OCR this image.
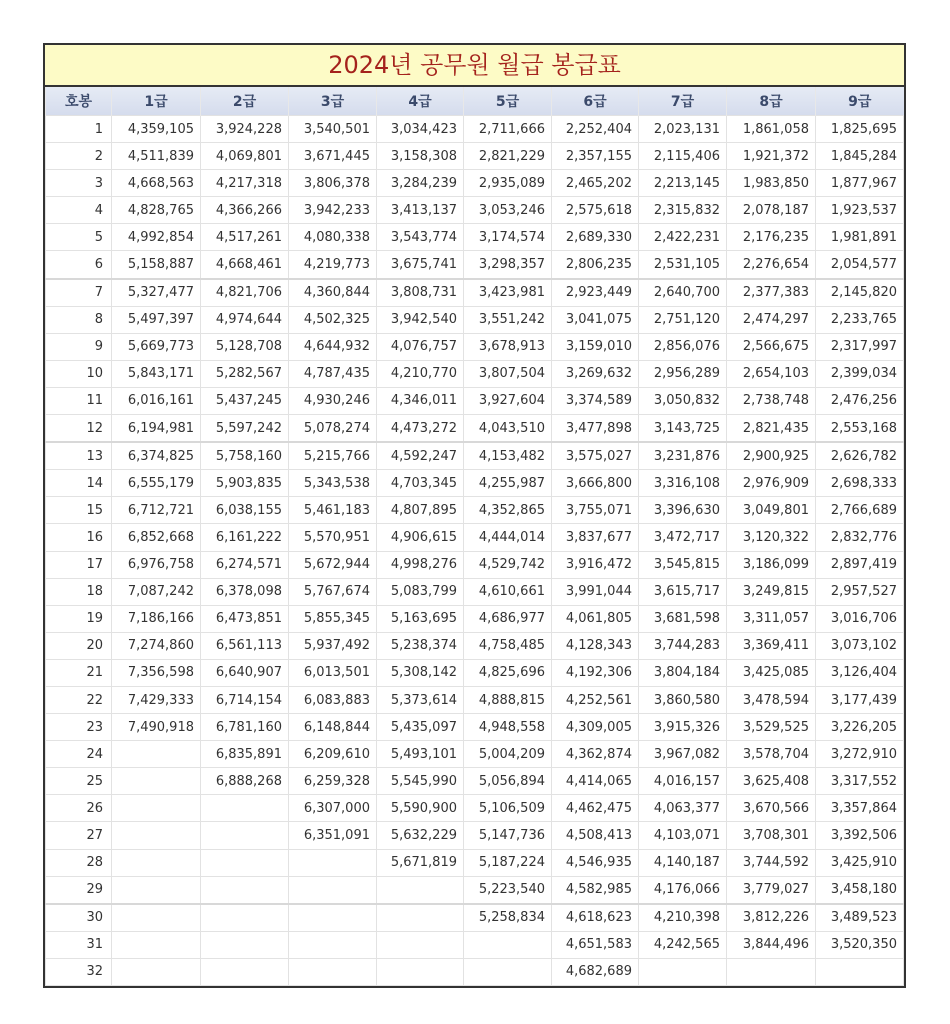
2024년 공무원 월급 봉급표
호봉	1급	2급	3급	4급	5급	6급	7급	8급	9급
1	4,359,105	3,924,228	3,540,501	3,034,423	2,711,666	2,252,404	2,023,131	1,861,058	1,825,695
2	4,511,839	4,069,801	3,671,445	3,158,308	2,821,229	2,357,155	2,115,406	1,921,372	1,845,284
3	4,668,563	4,217,318	3,806,378	3,284,239	2,935,089	2,465,202	2,213,145	1,983,850	1,877,967
4	4,828,765	4,366,266	3,942,233	3,413,137	3,053,246	2,575,618	2,315,832	2,078,187	1,923,537
5	4,992,854	4,517,261	4,080,338	3,543,774	3,174,574	2,689,330	2,422,231	2,176,235	1,981,891
6	5,158,887	4,668,461	4,219,773	3,675,741	3,298,357	2,806,235	2,531,105	2,276,654	2,054,577
7	5,327,477	4,821,706	4,360,844	3,808,731	3,423,981	2,923,449	2,640,700	2,377,383	2,145,820
8	5,497,397	4,974,644	4,502,325	3,942,540	3,551,242	3,041,075	2,751,120	2,474,297	2,233,765
9	5,669,773	5,128,708	4,644,932	4,076,757	3,678,913	3,159,010	2,856,076	2,566,675	2,317,997
10	5,843,171	5,282,567	4,787,435	4,210,770	3,807,504	3,269,632	2,956,289	2,654,103	2,399,034
11	6,016,161	5,437,245	4,930,246	4,346,011	3,927,604	3,374,589	3,050,832	2,738,748	2,476,256
12	6,194,981	5,597,242	5,078,274	4,473,272	4,043,510	3,477,898	3,143,725	2,821,435	2,553,168
13	6,374,825	5,758,160	5,215,766	4,592,247	4,153,482	3,575,027	3,231,876	2,900,925	2,626,782
14	6,555,179	5,903,835	5,343,538	4,703,345	4,255,987	3,666,800	3,316,108	2,976,909	2,698,333
15	6,712,721	6,038,155	5,461,183	4,807,895	4,352,865	3,755,071	3,396,630	3,049,801	2,766,689
16	6,852,668	6,161,222	5,570,951	4,906,615	4,444,014	3,837,677	3,472,717	3,120,322	2,832,776
17	6,976,758	6,274,571	5,672,944	4,998,276	4,529,742	3,916,472	3,545,815	3,186,099	2,897,419
18	7,087,242	6,378,098	5,767,674	5,083,799	4,610,661	3,991,044	3,615,717	3,249,815	2,957,527
19	7,186,166	6,473,851	5,855,345	5,163,695	4,686,977	4,061,805	3,681,598	3,311,057	3,016,706
20	7,274,860	6,561,113	5,937,492	5,238,374	4,758,485	4,128,343	3,744,283	3,369,411	3,073,102
21	7,356,598	6,640,907	6,013,501	5,308,142	4,825,696	4,192,306	3,804,184	3,425,085	3,126,404
22	7,429,333	6,714,154	6,083,883	5,373,614	4,888,815	4,252,561	3,860,580	3,478,594	3,177,439
23	7,490,918	6,781,160	6,148,844	5,435,097	4,948,558	4,309,005	3,915,326	3,529,525	3,226,205
24		6,835,891	6,209,610	5,493,101	5,004,209	4,362,874	3,967,082	3,578,704	3,272,910
25		6,888,268	6,259,328	5,545,990	5,056,894	4,414,065	4,016,157	3,625,408	3,317,552
26			6,307,000	5,590,900	5,106,509	4,462,475	4,063,377	3,670,566	3,357,864
27			6,351,091	5,632,229	5,147,736	4,508,413	4,103,071	3,708,301	3,392,506
28				5,671,819	5,187,224	4,546,935	4,140,187	3,744,592	3,425,910
29					5,223,540	4,582,985	4,176,066	3,779,027	3,458,180
30					5,258,834	4,618,623	4,210,398	3,812,226	3,489,523
31						4,651,583	4,242,565	3,844,496	3,520,350
32						4,682,689			
